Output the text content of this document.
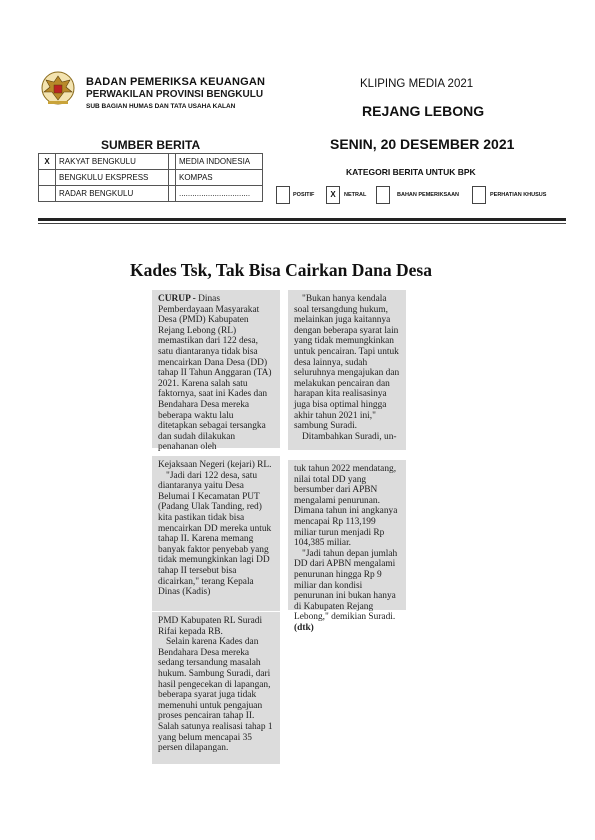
BADAN PEMERIKSA KEUANGAN
PERWAKILAN PROVINSI BENGKULU
SUB BAGIAN HUMAS DAN TATA USAHA KALAN
KLIPING MEDIA 2021
REJANG LEBONG
SENIN, 20 DESEMBER 2021
SUMBER BERITA
X	RAKYAT BENGKULU		MEDIA INDONESIA
	BENGKULU EKSPRESS		KOMPAS
	RADAR BENGKULU		................................
KATEGORI BERITA UNTUK BPK
POSITIF	X	NETRAL	BAHAN PEMERIKSAAN	PERHATIAN KHUSUS
Kades Tsk, Tak Bisa Cairkan Dana Desa

CURUP - Dinas Pemberdayaan Masyarakat Desa (PMD) Kabupaten Rejang Lebong (RL) memastikan dari 122 desa, satu diantaranya tidak bisa mencairkan Dana Desa (DD) tahap II Tahun Anggaran (TA) 2021. Karena salah satu faktornya, saat ini Kades dan Bendahara Desa mereka beberapa waktu lalu ditetapkan sebagai tersangka dan sudah dilakukan penahanan oleh

Kejaksaan Negeri (kejari) RL.

"Jadi dari 122 desa, satu diantaranya yaitu Desa Belumai I Kecamatan PUT (Padang Ulak Tanding, red) kita pastikan tidak bisa mencairkan DD mereka untuk tahap II. Karena memang banyak faktor penyebab yang tidak memungkinkan lagi DD tahap II tersebut bisa dicairkan," terang Kepala Dinas (Kadis)

PMD Kabupaten RL Suradi Rifai kepada RB.

Selain karena Kades dan Bendahara Desa mereka sedang tersandung masalah hukum. Sambung Suradi, dari hasil pengecekan di lapangan, beberapa syarat juga tidak memenuhi untuk pengajuan proses pencairan tahap II. Salah satunya realisasi tahap 1 yang belum mencapai 35 persen dilapangan.

"Bukan hanya kendala soal tersangdung hukum, melainkan juga kaitannya dengan beberapa syarat lain yang tidak memungkinkan untuk pencairan. Tapi untuk desa lainnya, sudah seluruhnya mengajukan dan melakukan pencairan dan harapan kita realisasinya juga bisa optimal hingga akhir tahun 2021 ini," sambung Suradi.

Ditambahkan Suradi, un-

tuk tahun 2022 mendatang, nilai total DD yang bersumber dari APBN mengalami penurunan. Dimana tahun ini angkanya mencapai Rp 113,199 miliar turun menjadi Rp 104,385 miliar.

"Jadi tahun depan jumlah DD dari APBN mengalami penurunan hingga Rp 9 miliar dan kondisi penurunan ini bukan hanya di Kabupaten Rejang Lebong," demikian Suradi. (dtk)
